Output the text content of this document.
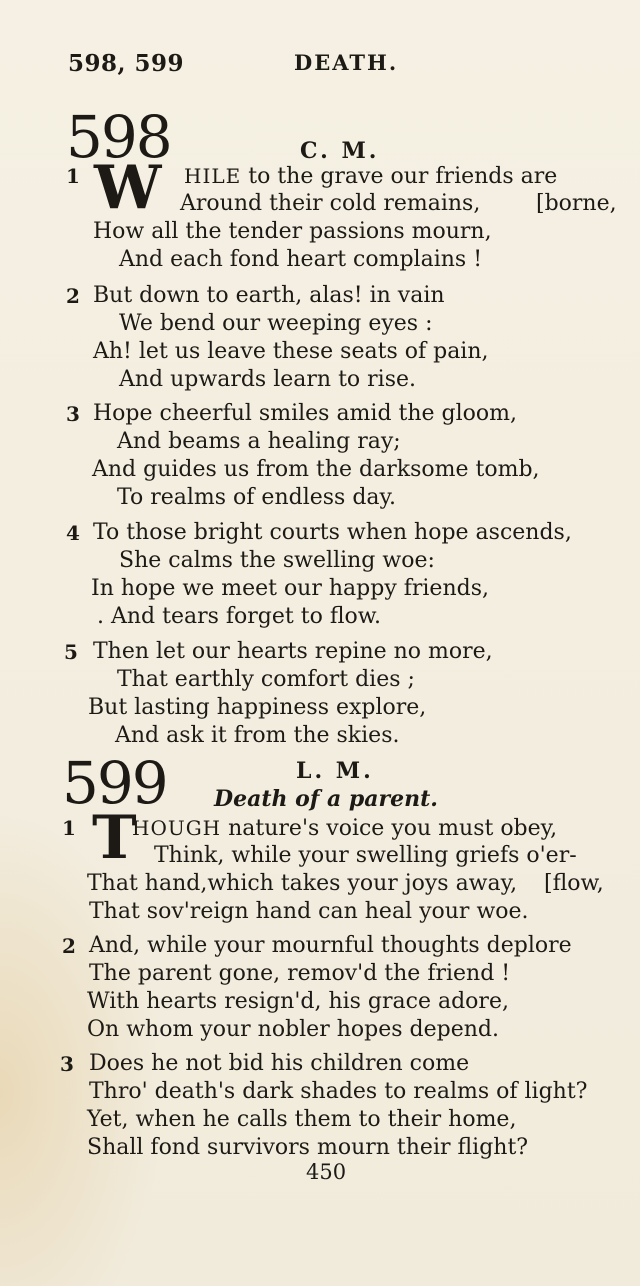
598, 599	DEATH.
598	C. M.
1 W HILE to the grave our friends are
Around their cold remains,	[borne,
How all the tender passions mourn,
And each fond heart complains !
2 But down to earth, alas! in vain
We bend our weeping eyes :
Ah! let us leave these seats of pain,
And upwards learn to rise.
3 Hope cheerful smiles amid the gloom,
And beams a healing ray;
And guides us from the darksome tomb,
To realms of endless day.
4 To those bright courts when hope ascends,
She calms the swelling woe:
In hope we meet our happy friends,
. And tears forget to flow.
5 Then let our hearts repine no more,
That earthly comfort dies ;
But lasting happiness explore,
And ask it from the skies.
599	L. M.
Death of a parent.
1 T
HOUGH nature's voice you must obey,
Think, while your swelling griefs o'er-
That hand,which takes your joys away, [flow,
That sov'reign hand can heal your woe.
2 And, while your mournful thoughts deplore
The parent gone, remov'd the friend !
With hearts resign'd, his grace adore,
On whom your nobler hopes depend.
3 Does he not bid his children come
Thro' death's dark shades to realms of light?
Yet, when he calls them to their home,
Shall fond survivors mourn their flight?
450
